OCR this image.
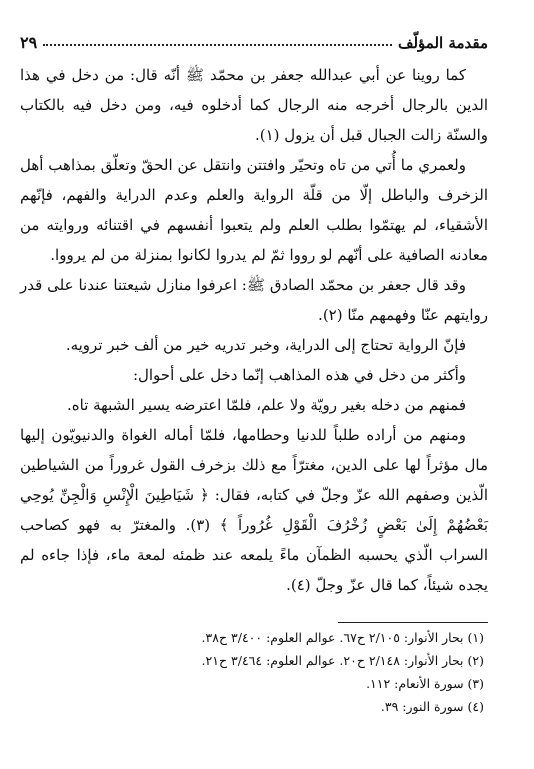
مقدمة المؤلّف
٢٩

كما روينا عن أبي عبدالله جعفر بن محمّد ﷺ أنّه قال: من دخل في هذا الدين بالرجال أخرجه منه الرجال كما أدخلوه فيه، ومن دخل فيه بالكتاب والسنّة زالت الجبال قبل أن يزول (١).

ولعمري ما أُتي من تاه وتحيّر وافتتن وانتقل عن الحقّ وتعلّق بمذاهب أهل الزخرف والباطل إلّا من قلّة الرواية والعلم وعدم الدراية والفهم، فإنّهم الأشقياء، لم يهتمّوا بطلب العلم ولم يتعبوا أنفسهم في اقتنائه وروايته من معادنه الصافية على أنّهم لو رووا ثمّ لم يدروا لكانوا بمنزلة من لم يرووا.

وقد قال جعفر بن محمّد الصادق ﷺ: اعرفوا منازل شيعتنا عندنا على قدر روايتهم عنّا وفهمهم منّا (٢).

فإنّ الرواية تحتاج إلى الدراية، وخبر تدريه خير من ألف خبر ترويه.

وأكثر من دخل في هذه المذاهب إنّما دخل على أحوال:

فمنهم من دخله بغير رويّة ولا علم، فلمّا اعترضه يسير الشبهة تاه.

ومنهم من أراده طلباً للدنيا وحطامها، فلمّا أماله الغواة والدنيويّون إليها مال مؤثراً لها على الدين، مغترّاً مع ذلك بزخرف القول غروراً من الشياطين الّذين وصفهم الله عزّ وجلّ في كتابه، فقال: ﴿ شَيَاطِينَ الْإِنْسِ وَالْجِنِّ يُوحِي بَعْضُهُمْ إِلَىٰ بَعْضٍ زُخْرُفَ الْقَوْلِ غُرُوراً ﴾ (٣). والمغترّ به فهو كصاحب السراب الّذي يحسبه الظمآن ماءً يلمعه عند ظمئه لمعة ماء، فإذا جاءه لم يجده شيئاً، كما قال عزّ وجلّ (٤).

(١) بحار الأنوار: ٢/١٠٥ ح٦٧. عوالم العلوم: ٣/٤٠٠ ح٣٨.
(٢) بحار الأنوار: ٢/١٤٨ ح٢٠. عوالم العلوم: ٣/٤٦٤ ح٢١.
(٣) سورة الأنعام: ١١٢.
(٤) سورة النور: ٣٩.
